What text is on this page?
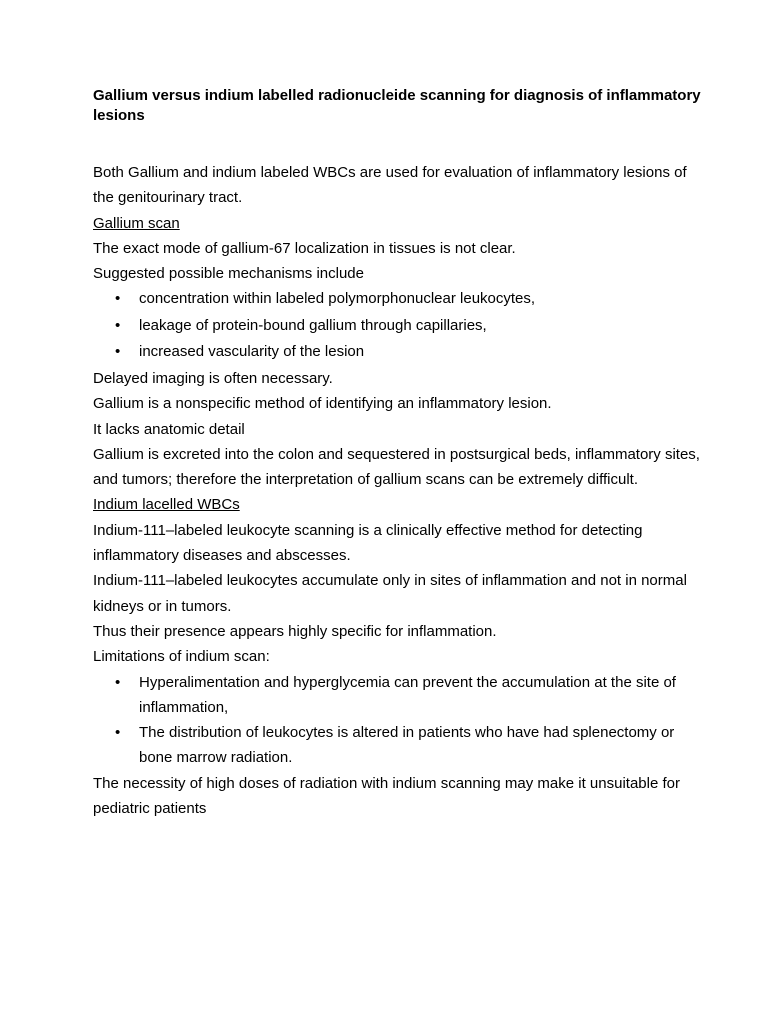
Gallium versus indium labelled radionucleide scanning for diagnosis of inflammatory lesions

Both Gallium and indium labeled WBCs are used for evaluation of inflammatory lesions of the genitourinary tract.

Gallium scan

The exact mode of gallium-67 localization in tissues is not clear.

Suggested possible mechanisms include

• concentration within labeled polymorphonuclear leukocytes,
• leakage of protein-bound gallium through capillaries,
• increased vascularity of the lesion

Delayed imaging is often necessary.

Gallium is a nonspecific method of identifying an inflammatory lesion.

It lacks anatomic detail

Gallium is excreted into the colon and sequestered in postsurgical beds, inflammatory sites, and tumors; therefore the interpretation of gallium scans can be extremely difficult.

Indium lacelled WBCs

Indium-111–labeled leukocyte scanning is a clinically effective method for detecting inflammatory diseases and abscesses.

Indium-111–labeled leukocytes accumulate only in sites of inflammation and not in normal kidneys or in tumors.

Thus their presence appears highly specific for inflammation.

Limitations of indium scan:

• Hyperalimentation and hyperglycemia can prevent the accumulation at the site of inflammation,
• The distribution of leukocytes is altered in patients who have had splenectomy or bone marrow radiation.

The necessity of high doses of radiation with indium scanning may make it unsuitable for pediatric patients
